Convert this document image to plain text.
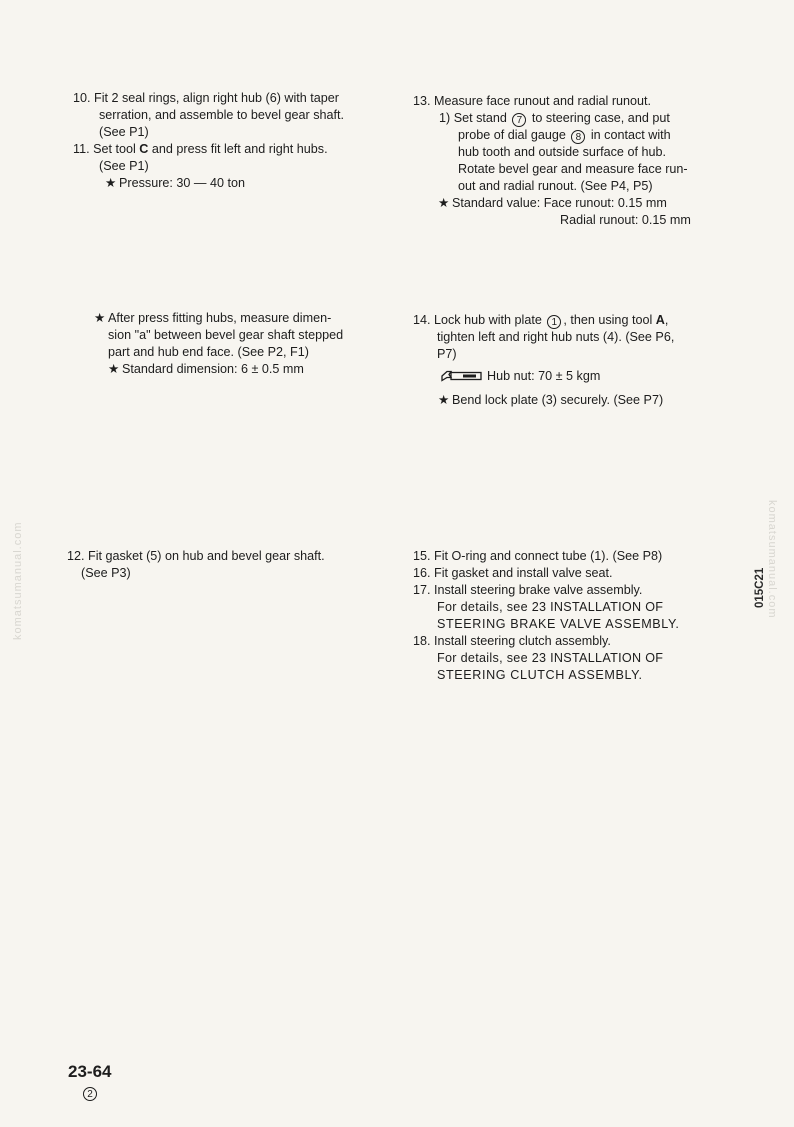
komatsumanual.com	komatsumanual.com
015C21
10. Fit 2 seal rings, align right hub (6) with taper
serration, and assemble to bevel gear shaft.
(See P1)
11. Set tool C and press fit left and right hubs.
(See P1)
★ Pressure: 30 — 40 ton
★ After press fitting hubs, measure dimen-
sion "a" between bevel gear shaft stepped
part and hub end face. (See P2, F1)
★ Standard dimension: 6 ± 0.5 mm
12. Fit gasket (5) on hub and bevel gear shaft.
(See P3)
13. Measure face runout and radial runout.
1) Set stand 7 to steering case, and put
probe of dial gauge 8 in contact with
hub tooth and outside surface of hub.
Rotate bevel gear and measure face run-
out and radial runout. (See P4, P5)
★ Standard value: Face runout: 0.15 mm
Radial runout: 0.15 mm
14. Lock hub with plate 1 , then using tool A,
tighten left and right hub nuts (4). (See P6,
P7)
Hub nut: 70 ± 5 kgm
★ Bend lock plate (3) securely. (See P7)
15. Fit O-ring and connect tube (1). (See P8)
16. Fit gasket and install valve seat.
17. Install steering brake valve assembly.
For details, see 23 INSTALLATION OF
STEERING BRAKE VALVE ASSEMBLY.
18. Install steering clutch assembly.
For details, see 23 INSTALLATION OF
STEERING CLUTCH ASSEMBLY.
23-64
2
